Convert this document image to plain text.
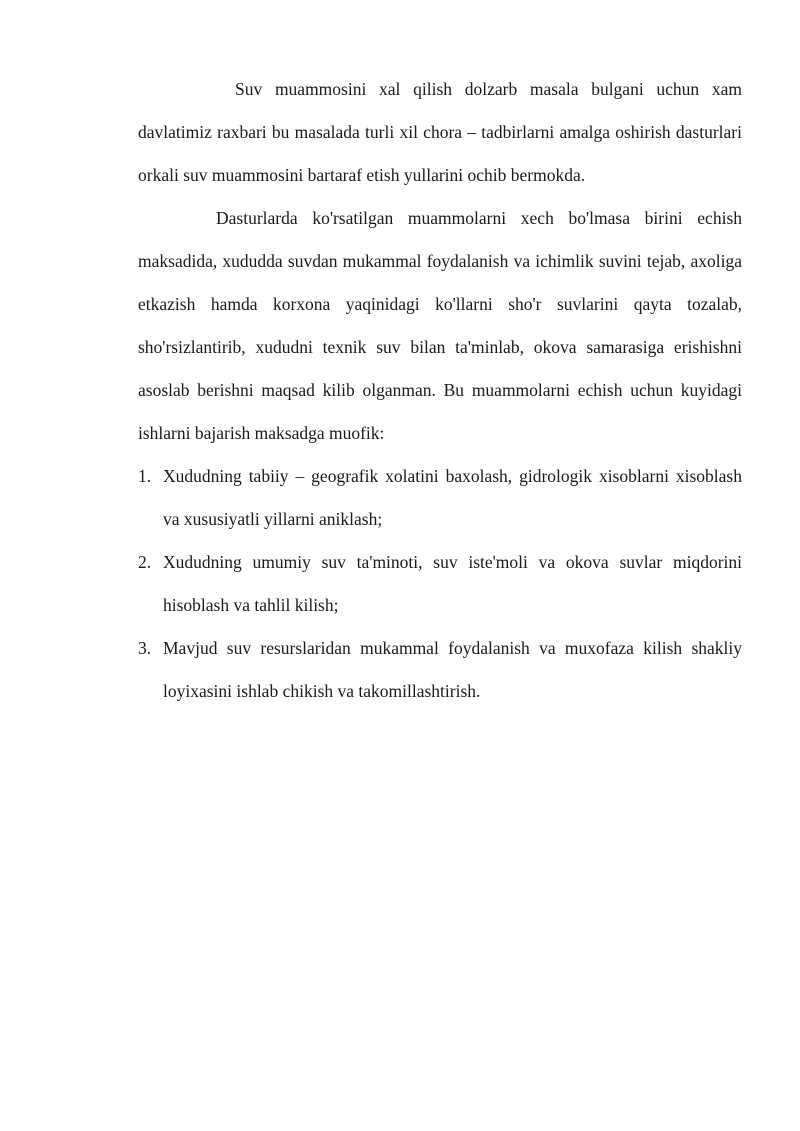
Suv muammosini xal qilish dolzarb masala bulgani uchun xam davlatimiz raxbari bu masalada turli xil chora – tadbirlarni amalga oshirish dasturlari orkali suv muammosini bartaraf etish yullarini ochib bermokda.

Dasturlarda ko'rsatilgan muammolarni xech bo'lmasa birini echish maksadida, xududda suvdan mukammal foydalanish va ichimlik suvini tejab, axoliga etkazish hamda korxona yaqinidagi ko'llarni sho'r suvlarini qayta tozalab, sho'rsizlantirib, xududni texnik suv bilan ta'minlab, okova samarasiga erishishni asoslab berishni maqsad kilib olganman. Bu muammolarni echish uchun kuyidagi ishlarni bajarish maksadga muofik:

1. Xududning tabiiy – geografik xolatini baxolash, gidrologik xisoblarni xisoblash va xususiyatli yillarni aniklash;
2. Xududning umumiy suv ta'minoti, suv iste'moli va okova suvlar miqdorini hisoblash va tahlil kilish;
3. Mavjud suv resurslaridan mukammal foydalanish va muxofaza kilish shakliy loyixasini ishlab chikish va takomillashtirish.
